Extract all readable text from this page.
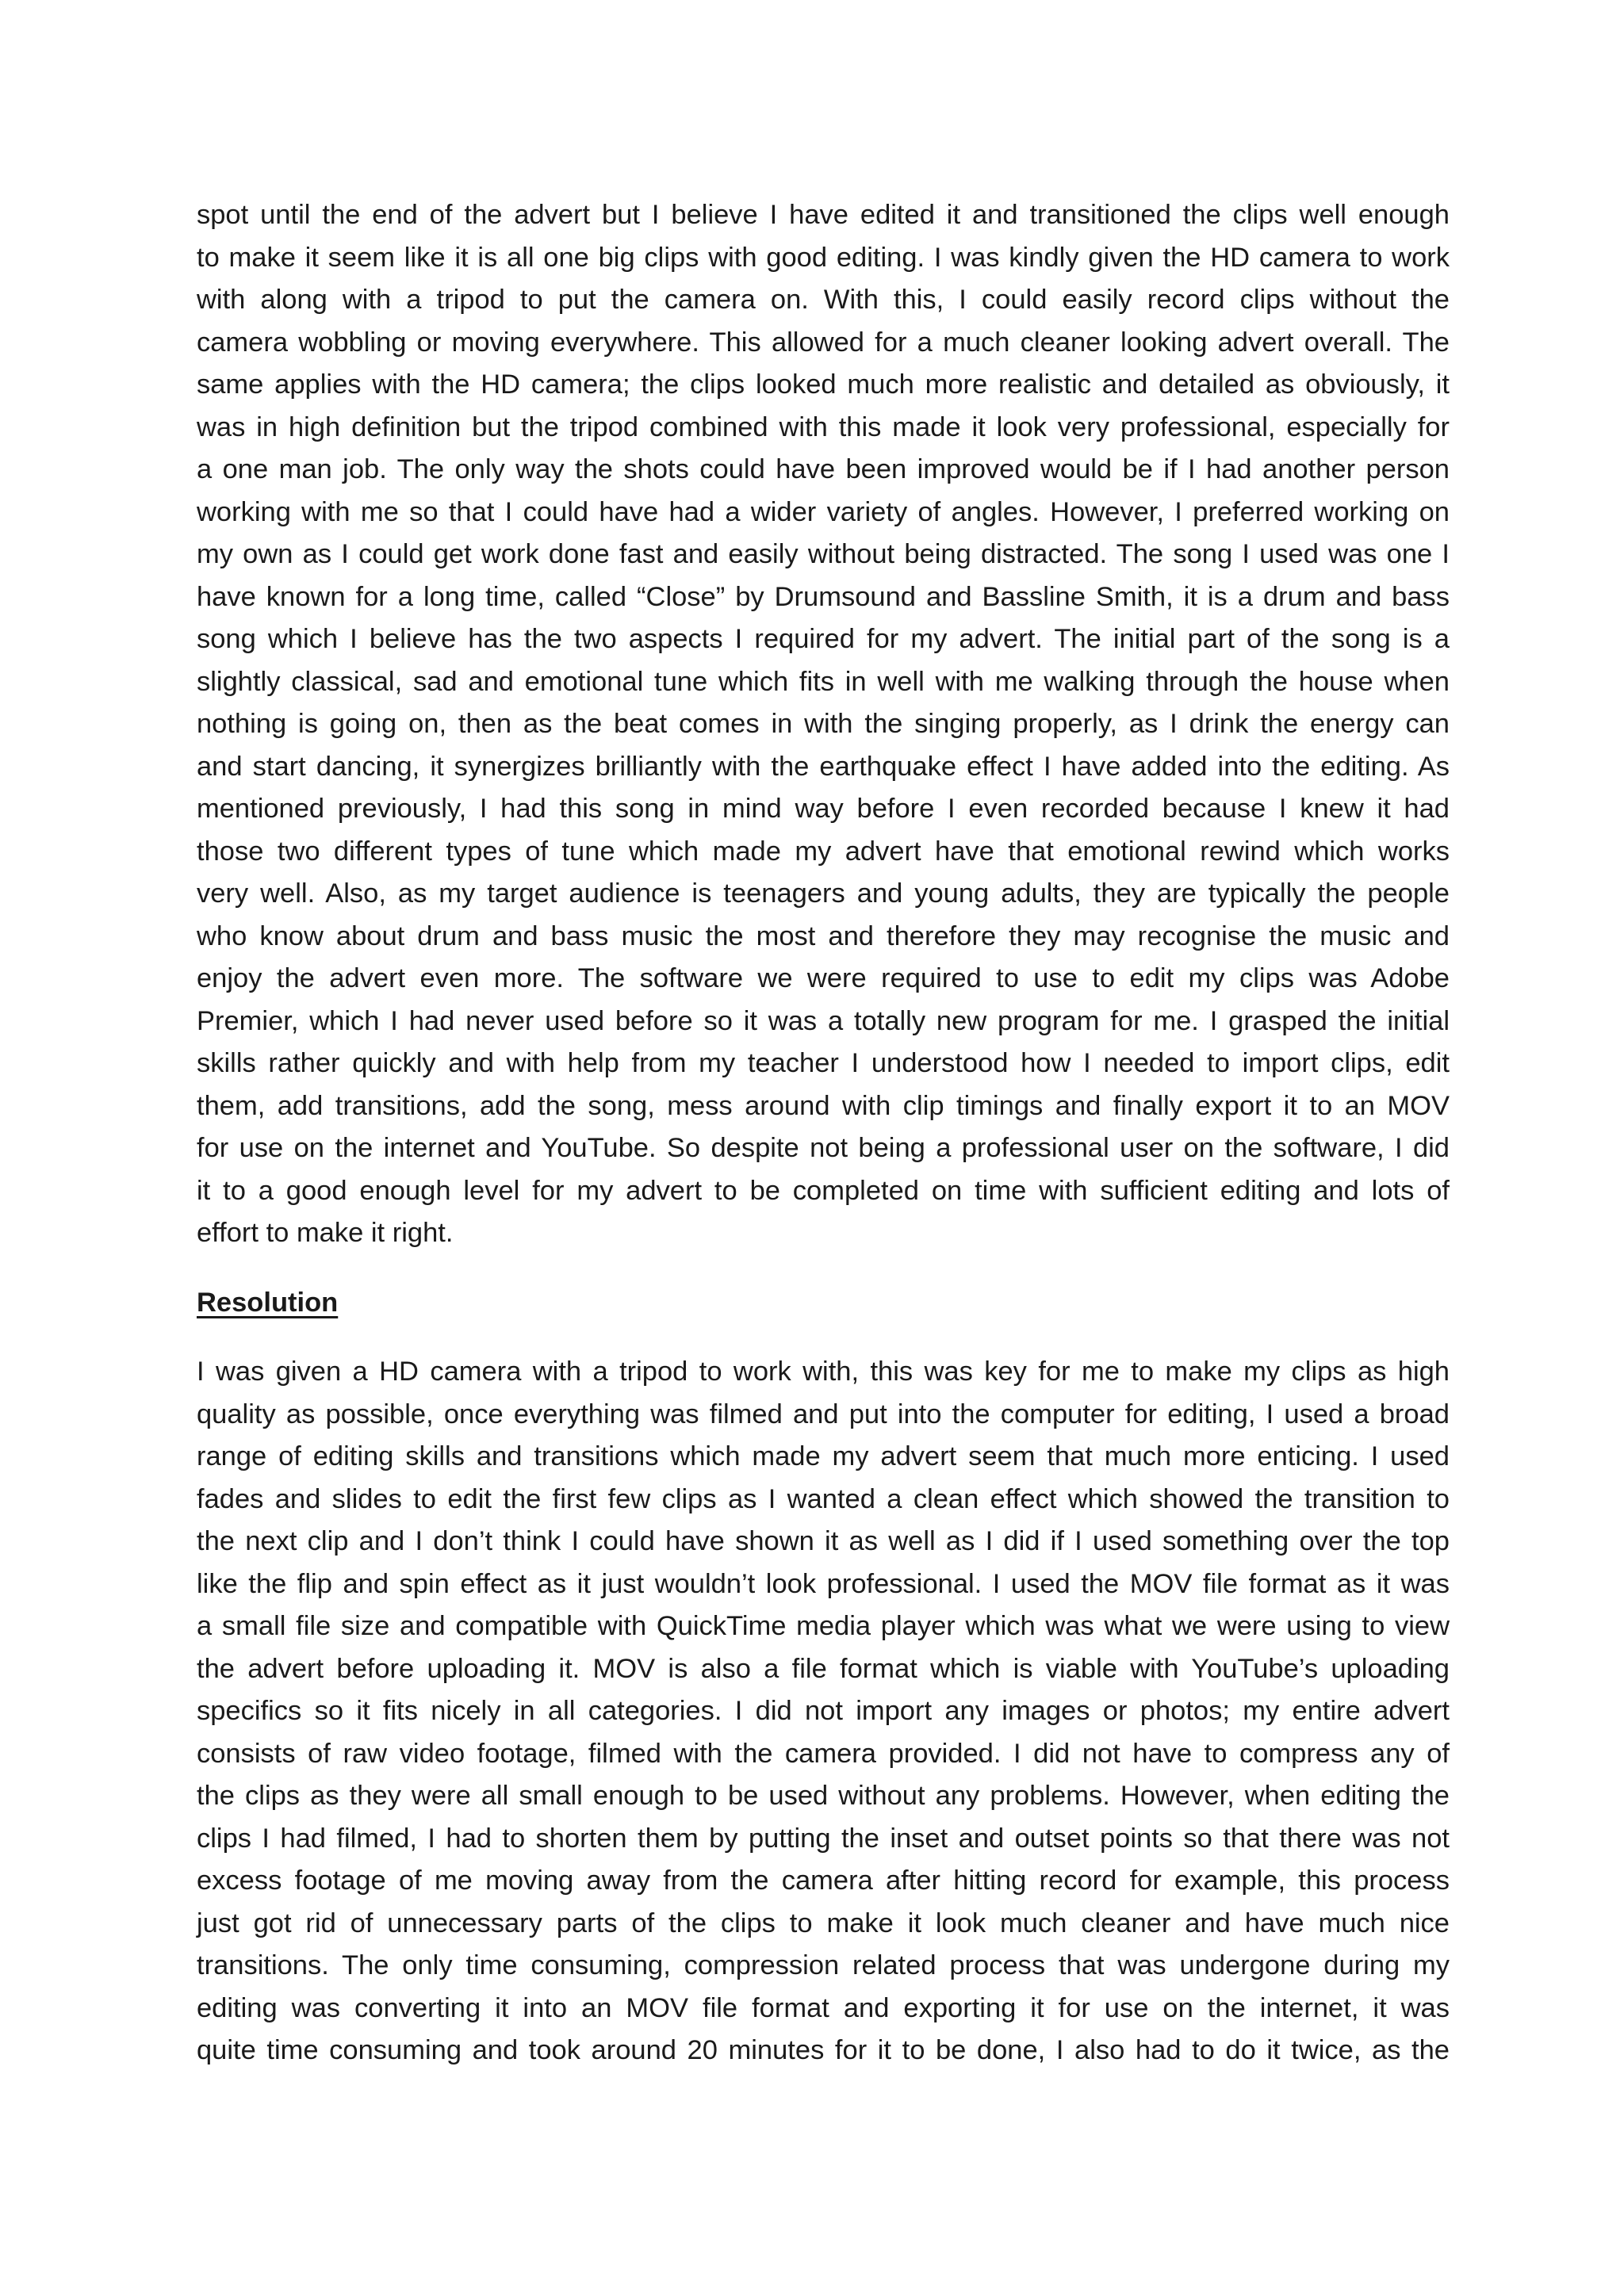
spot until the end of the advert but I believe I have edited it and transitioned the clips well enough
to make it seem like it is all one big clips with good editing. I was kindly given the HD camera to work
with along with a tripod to put the camera on. With this, I could easily record clips without the
camera wobbling or moving everywhere. This allowed for a much cleaner looking advert overall. The
same applies with the HD camera; the clips looked much more realistic and detailed as obviously, it
was in high definition but the tripod combined with this made it look very professional, especially for
a one man job. The only way the shots could have been improved would be if I had another person
working with me so that I could have had a wider variety of angles. However, I preferred working on
my own as I could get work done fast and easily without being distracted. The song I used was one I
have known for a long time, called “Close” by Drumsound and Bassline Smith, it is a drum and bass
song which I believe has the two aspects I required for my advert. The initial part of the song is a
slightly classical, sad and emotional tune which fits in well with me walking through the house when
nothing is going on, then as the beat comes in with the singing properly, as I drink the energy can
and start dancing, it synergizes brilliantly with the earthquake effect I have added into the editing. As
mentioned previously, I had this song in mind way before I even recorded because I knew it had
those two different types of tune which made my advert have that emotional rewind which works
very well. Also, as my target audience is teenagers and young adults, they are typically the people
who know about drum and bass music the most and therefore they may recognise the music and
enjoy the advert even more. The software we were required to use to edit my clips was Adobe
Premier, which I had never used before so it was a totally new program for me. I grasped the initial
skills rather quickly and with help from my teacher I understood how I needed to import clips, edit
them, add transitions, add the song, mess around with clip timings and finally export it to an MOV
for use on the internet and YouTube. So despite not being a professional user on the software, I did
it to a good enough level for my advert to be completed on time with sufficient editing and lots of
effort to make it right.
Resolution
I was given a HD camera with a tripod to work with, this was key for me to make my clips as high
quality as possible, once everything was filmed and put into the computer for editing, I used a broad
range of editing skills and transitions which made my advert seem that much more enticing. I used
fades and slides to edit the first few clips as I wanted a clean effect which showed the transition to
the next clip and I don’t think I could have shown it as well as I did if I used something over the top
like the flip and spin effect as it just wouldn’t look professional. I used the MOV file format as it was
a small file size and compatible with QuickTime media player which was what we were using to view
the advert before uploading it. MOV is also a file format which is viable with YouTube’s uploading
specifics so it fits nicely in all categories. I did not import any images or photos; my entire advert
consists of raw video footage, filmed with the camera provided. I did not have to compress any of
the clips as they were all small enough to be used without any problems. However, when editing the
clips I had filmed, I had to shorten them by putting the inset and outset points so that there was not
excess footage of me moving away from the camera after hitting record for example, this process
just got rid of unnecessary parts of the clips to make it look much cleaner and have much nice
transitions. The only time consuming, compression related process that was undergone during my
editing was converting it into an MOV file format and exporting it for use on the internet, it was
quite time consuming and took around 20 minutes for it to be done, I also had to do it twice, as the
